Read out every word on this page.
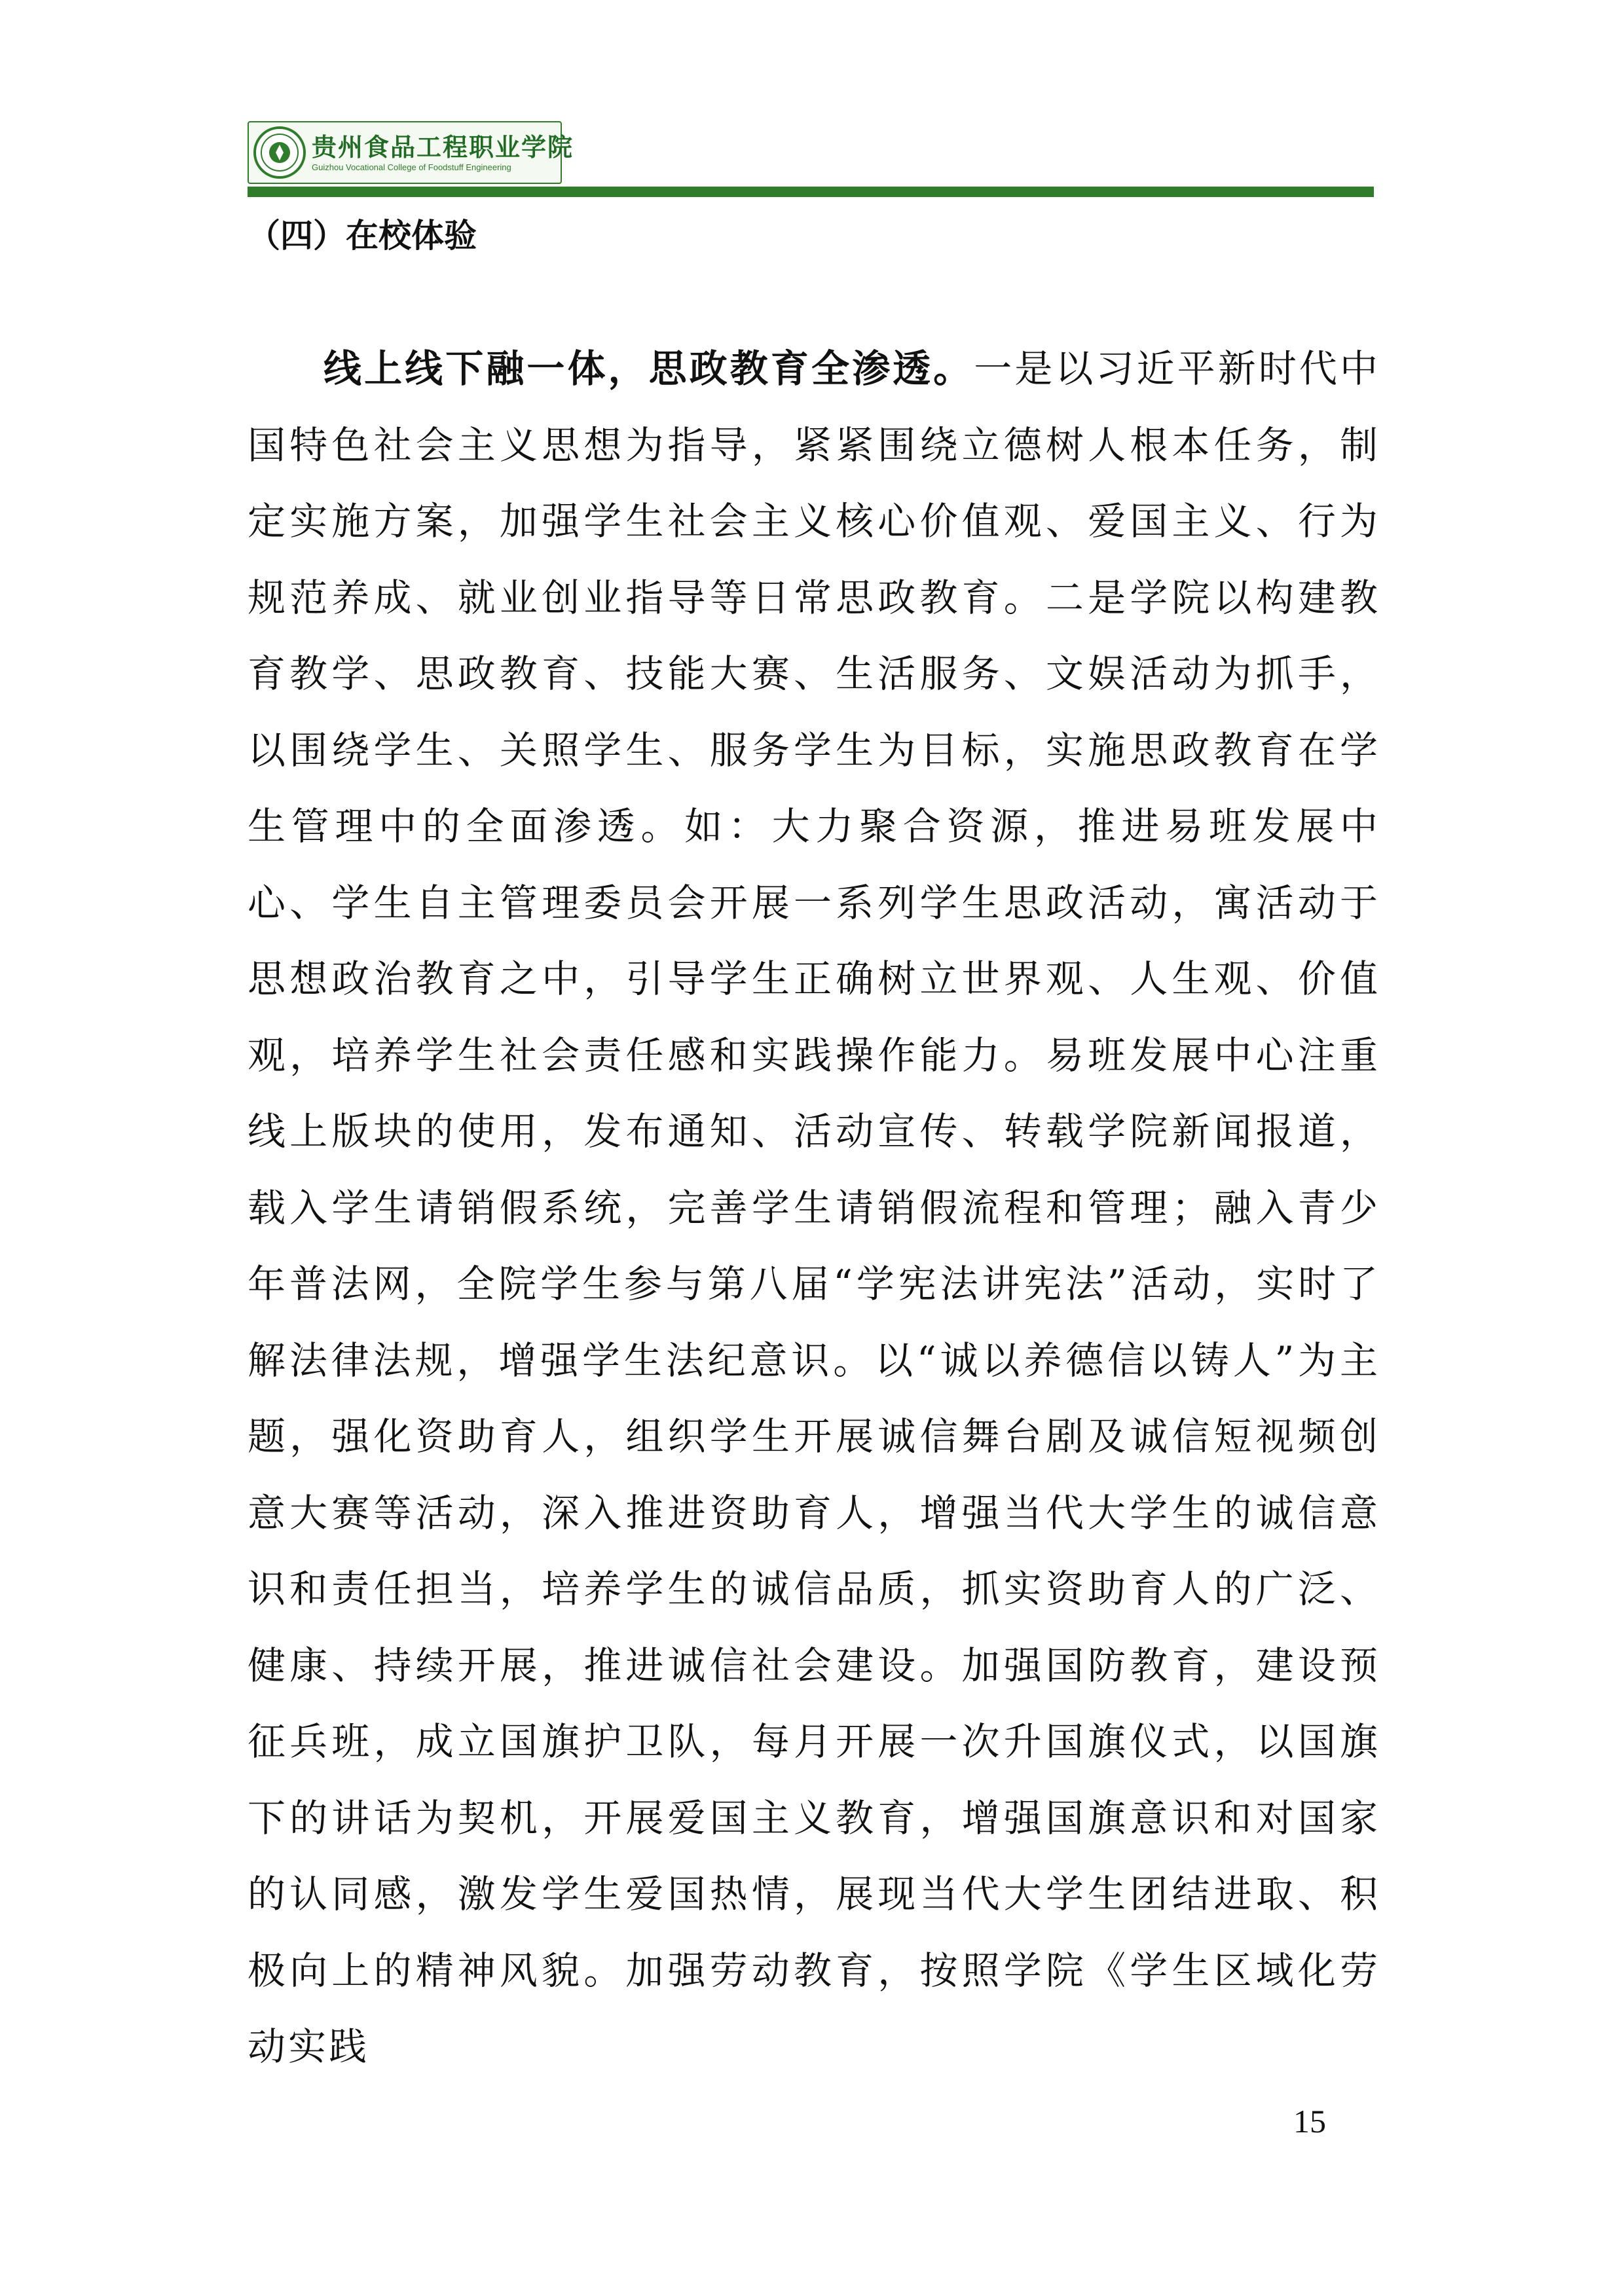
贵州食品工程职业学院
Guizhou Vocational College of Foodstuff Engineering
（四）在校体验
线上线下融一体，思政教育全渗透。一是以习近平新时代中国特色社会主义思想为指导，紧紧围绕立德树人根本任务，制定实施方案，加强学生社会主义核心价值观、爱国主义、行为规范养成、就业创业指导等日常思政教育。二是学院以构建教育教学、思政教育、技能大赛、生活服务、文娱活动为抓手，以围绕学生、关照学生、服务学生为目标，实施思政教育在学生管理中的全面渗透。如：大力聚合资源，推进易班发展中心、学生自主管理委员会开展一系列学生思政活动，寓活动于思想政治教育之中，引导学生正确树立世界观、人生观、价值观，培养学生社会责任感和实践操作能力。易班发展中心注重线上版块的使用，发布通知、活动宣传、转载学院新闻报道，载入学生请销假系统，完善学生请销假流程和管理；融入青少年普法网，全院学生参与第八届“学宪法讲宪法”活动，实时了解法律法规，增强学生法纪意识。以“诚以养德信以铸人”为主题，强化资助育人，组织学生开展诚信舞台剧及诚信短视频创意大赛等活动，深入推进资助育人，增强当代大学生的诚信意识和责任担当，培养学生的诚信品质，抓实资助育人的广泛、健康、持续开展，推进诚信社会建设。加强国防教育，建设预征兵班，成立国旗护卫队，每月开展一次升国旗仪式，以国旗下的讲话为契机，开展爱国主义教育，增强国旗意识和对国家的认同感，激发学生爱国热情，展现当代大学生团结进取、积极向上的精神风貌。加强劳动教育，按照学院《学生区域化劳动实践
15
